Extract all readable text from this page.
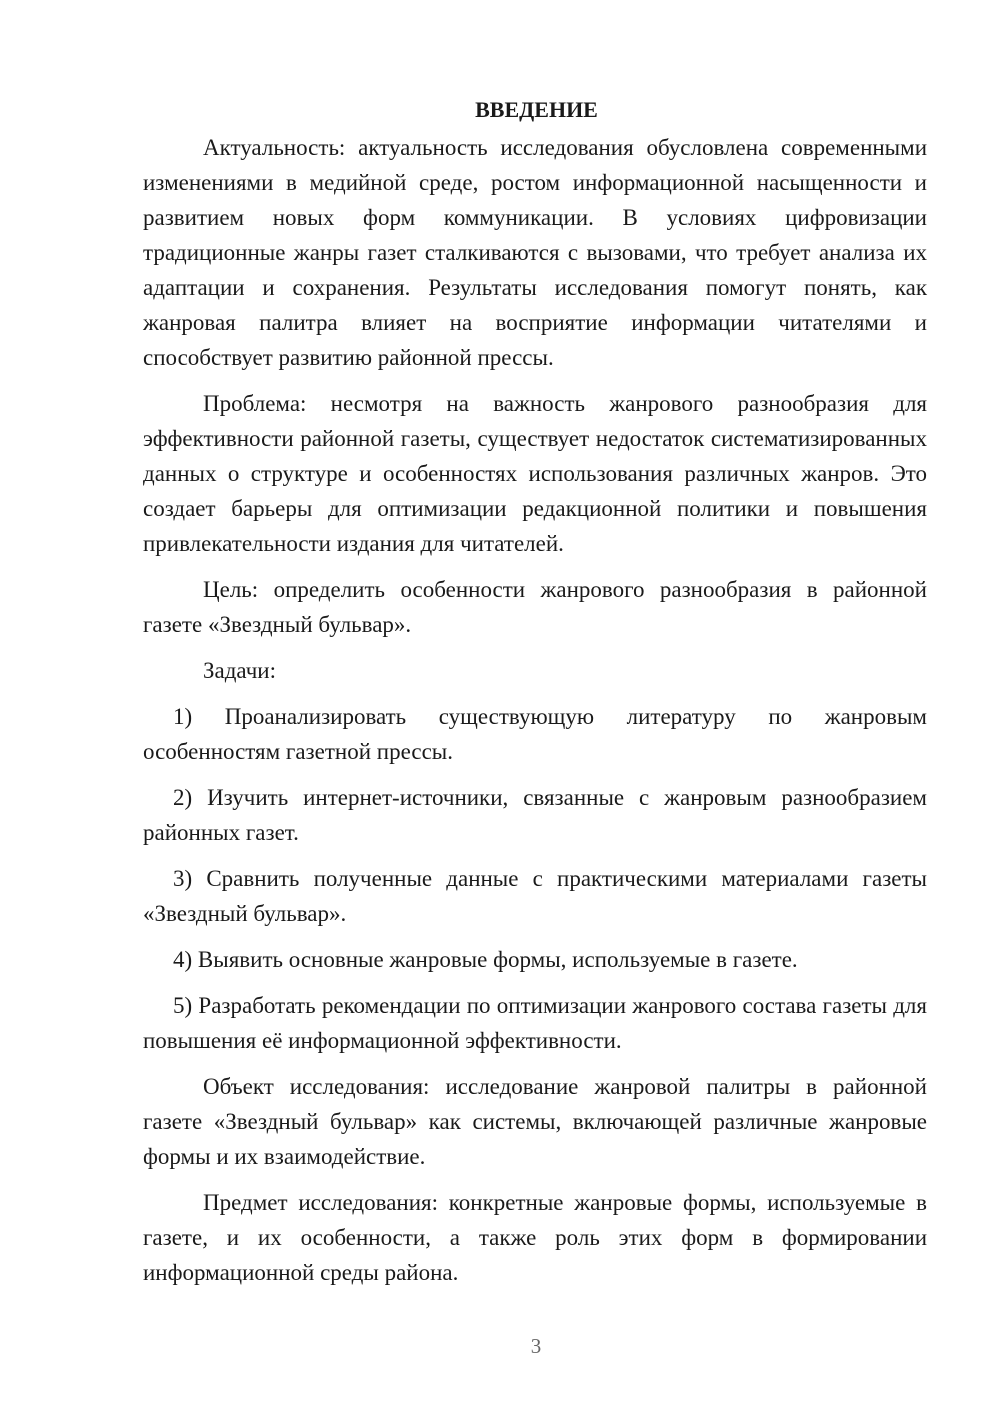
ВВЕДЕНИЕ

Актуальность: актуальность исследования обусловлена современными изменениями в медийной среде, ростом информационной насыщенности и развитием новых форм коммуникации. В условиях цифровизации традиционные жанры газет сталкиваются с вызовами, что требует анализа их адаптации и сохранения. Результаты исследования помогут понять, как жанровая палитра влияет на восприятие информации читателями и способствует развитию районной прессы.

Проблема: несмотря на важность жанрового разнообразия для эффективности районной газеты, существует недостаток систематизированных данных о структуре и особенностях использования различных жанров. Это создает барьеры для оптимизации редакционной политики и повышения привлекательности издания для читателей.

Цель: определить особенности жанрового разнообразия в районной газете «Звездный бульвар».

Задачи:

1) Проанализировать существующую литературу по жанровым особенностям газетной прессы.

2) Изучить интернет-источники, связанные с жанровым разнообразием районных газет.

3) Сравнить полученные данные с практическими материалами газеты «Звездный бульвар».

4) Выявить основные жанровые формы, используемые в газете.

5) Разработать рекомендации по оптимизации жанрового состава газеты для повышения её информационной эффективности.

Объект исследования: исследование жанровой палитры в районной газете «Звездный бульвар» как системы, включающей различные жанровые формы и их взаимодействие.

Предмет исследования: конкретные жанровые формы, используемые в газете, и их особенности, а также роль этих форм в формировании информационной среды района.

3
